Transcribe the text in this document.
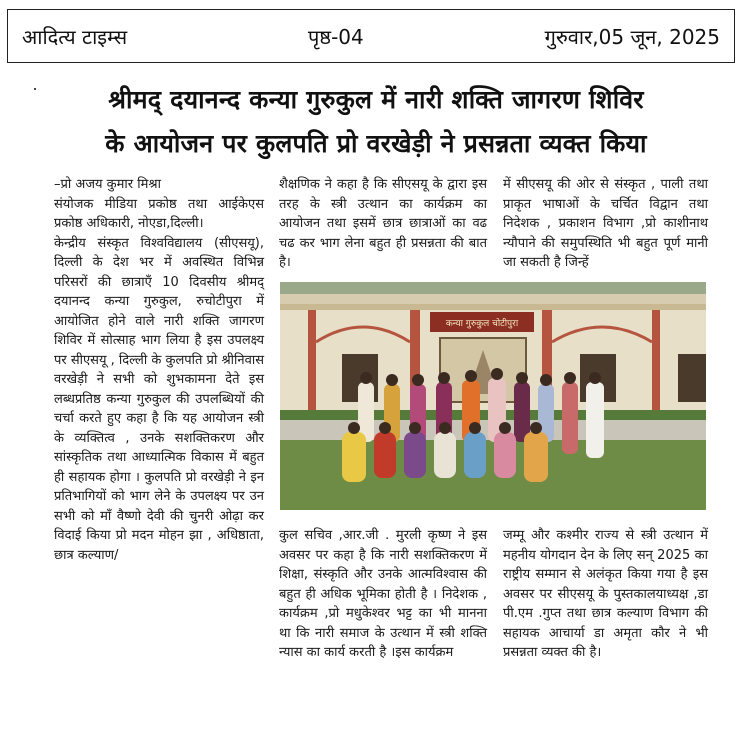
आदित्य टाइम्स	पृष्ठ-04	गुरुवार,05 जून, 2025
श्रीमद् दयानन्द कन्या गुरुकुल में नारी शक्ति जागरण शिविर
के आयोजन पर कुलपति प्रो वरखेड़ी ने प्रसन्नता व्यक्त किया

–प्रो अजय कुमार मिश्रा

संयोजक मीडिया प्रकोष्ठ तथा आईकेएस प्रकोष्ठ अधिकारी, नोएडा,दिल्ली।

केन्द्रीय संस्कृत विश्वविद्यालय (सीएसयू), दिल्ली के देश भर में अवस्थित विभिन्न परिसरों की छात्राएँ 10 दिवसीय श्रीमद् दयानन्द कन्या गुरुकुल, रुचोटीपुरा में आयोजित होने वाले नारी शक्ति जागरण शिविर में सोत्साह भाग लिया है इस उपलक्ष्य पर सीएसयू , दिल्ली के कुलपति प्रो श्रीनिवास वरखेड़ी ने सभी को शुभकामना देते इस लब्धप्रतिष्ठ कन्या गुरुकुल की उपलब्धियों की चर्चा करते हुए कहा है कि यह आयोजन स्त्री के व्यक्तित्व , उनके सशक्तिकरण और सांस्कृतिक तथा आध्यात्मिक विकास में बहुत ही सहायक होगा । कुलपति प्रो वरखेड़ी ने इन प्रतिभागियों को भाग लेने के उपलक्ष्य पर उन सभी को माँ वैष्णो देवी की चुनरी ओढ़ा कर विदाई किया प्रो मदन मोहन झा , अधिष्ठाता, छात्र कल्याण/

शैक्षणिक ने कहा है कि सीएसयू के द्वारा इस तरह के स्त्री उत्थान का कार्यक्रम का आयोजन तथा इसमें छात्र छात्राओं का वढ चढ कर भाग लेना बहुत ही प्रसन्नता की बात है।

में सीएसयू की ओर से संस्कृत , पाली तथा प्राकृत भाषाओं के चर्चित विद्वान तथा निदेशक , प्रकाशन विभाग ,प्रो काशीनाथ न्यौपाने की समुपस्थिति भी बहुत पूर्ण मानी जा सकती है जिन्हें

कन्या गुरुकुल चोटीपुरा

कुल सचिव ,आर.जी . मुरली कृष्ण ने इस अवसर पर कहा है कि नारी सशक्तिकरण में शिक्षा, संस्कृति और उनके आत्मविश्वास की बहुत ही अधिक भूमिका होती है । निदेशक , कार्यक्रम ,प्रो मधुकेश्वर भट्ट का भी मानना था कि नारी समाज के उत्थान में स्त्री शक्ति न्यास का कार्य करती है ।इस कार्यक्रम

जम्मू और कश्मीर राज्य से स्त्री उत्थान में महनीय योगदान देन के लिए सन् 2025 का राष्ट्रीय सम्मान से अलंकृत किया गया है इस अवसर पर सीएसयू के पुस्तकालयाध्यक्ष ,डा पी.एम .गुप्त तथा छात्र कल्याण विभाग की सहायक आचार्या डा अमृता कौर ने भी प्रसन्नता व्यक्त की है।
